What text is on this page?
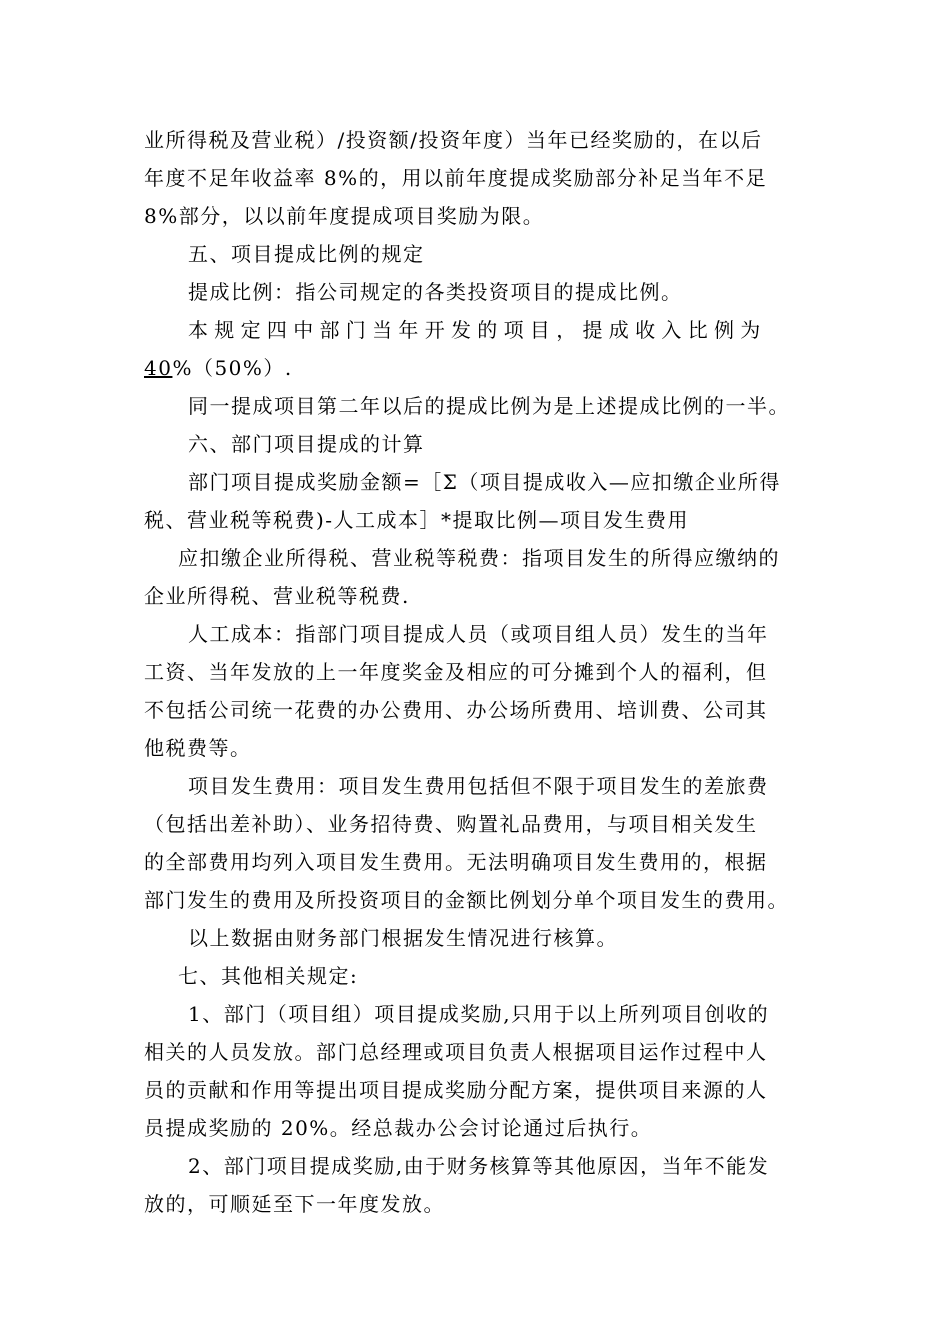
业所得税及营业税）/投资额/投资年度）当年已经奖励的，在以后

年度不足年收益率 8%的，用以前年度提成奖励部分补足当年不足

8%部分，以以前年度提成项目奖励为限。

五、项目提成比例的规定

提成比例：指公司规定的各类投资项目的提成比例。

本规定四中部门当年开发的项目，提成收入比例为

40%（50%）.

同一提成项目第二年以后的提成比例为是上述提成比例的一半。

六、部门项目提成的计算

部门项目提成奖励金额=［Σ（项目提成收入—应扣缴企业所得

税、营业税等税费)-人工成本］*提取比例—项目发生费用

应扣缴企业所得税、营业税等税费：指项目发生的所得应缴纳的

企业所得税、营业税等税费.

人工成本：指部门项目提成人员（或项目组人员）发生的当年

工资、当年发放的上一年度奖金及相应的可分摊到个人的福利，但

不包括公司统一花费的办公费用、办公场所费用、培训费、公司其

他税费等。

项目发生费用：项目发生费用包括但不限于项目发生的差旅费

（包括出差补助）、业务招待费、购置礼品费用，与项目相关发生

的全部费用均列入项目发生费用。无法明确项目发生费用的，根据

部门发生的费用及所投资项目的金额比例划分单个项目发生的费用。

以上数据由财务部门根据发生情况进行核算。

七、其他相关规定:

1、部门（项目组）项目提成奖励,只用于以上所列项目创收的

相关的人员发放。部门总经理或项目负责人根据项目运作过程中人

员的贡献和作用等提出项目提成奖励分配方案，提供项目来源的人

员提成奖励的 20%。经总裁办公会讨论通过后执行。

2、部门项目提成奖励,由于财务核算等其他原因，当年不能发

放的，可顺延至下一年度发放。
